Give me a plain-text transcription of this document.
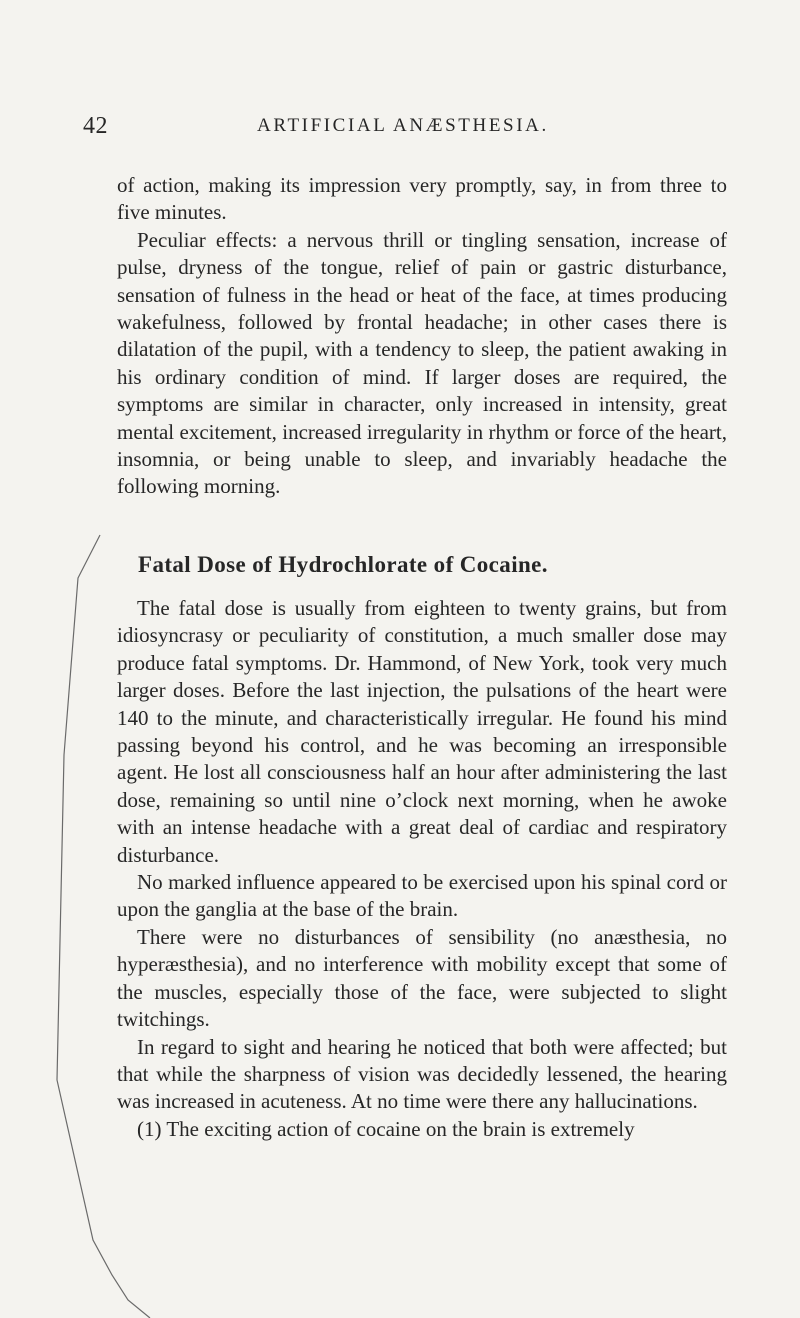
42	ARTIFICIAL ANÆSTHESIA.

of action, making its impression very promptly, say, in from three to five minutes.

Peculiar effects: a nervous thrill or tingling sensation, increase of pulse, dryness of the tongue, relief of pain or gastric disturbance, sensation of fulness in the head or heat of the face, at times producing wakefulness, followed by frontal headache; in other cases there is dilatation of the pupil, with a tendency to sleep, the patient awaking in his ordinary condition of mind. If larger doses are required, the symptoms are similar in character, only increased in intensity, great mental excitement, increased irregularity in rhythm or force of the heart, insomnia, or being unable to sleep, and invariably headache the following morning.

Fatal Dose of Hydrochlorate of Cocaine.

The fatal dose is usually from eighteen to twenty grains, but from idiosyncrasy or peculiarity of constitution, a much smaller dose may produce fatal symptoms. Dr. Hammond, of New York, took very much larger doses. Before the last injection, the pulsations of the heart were 140 to the minute, and characteristically irregular. He found his mind passing beyond his control, and he was becoming an irresponsible agent. He lost all consciousness half an hour after administering the last dose, remaining so until nine o’clock next morning, when he awoke with an intense headache with a great deal of cardiac and respiratory disturbance.

No marked influence appeared to be exercised upon his spinal cord or upon the ganglia at the base of the brain.

There were no disturbances of sensibility (no anæsthesia, no hyperæsthesia), and no interference with mobility except that some of the muscles, especially those of the face, were subjected to slight twitchings.

In regard to sight and hearing he noticed that both were affected; but that while the sharpness of vision was decidedly lessened, the hearing was increased in acuteness. At no time were there any hallucinations.

(1) The exciting action of cocaine on the brain is extremely
